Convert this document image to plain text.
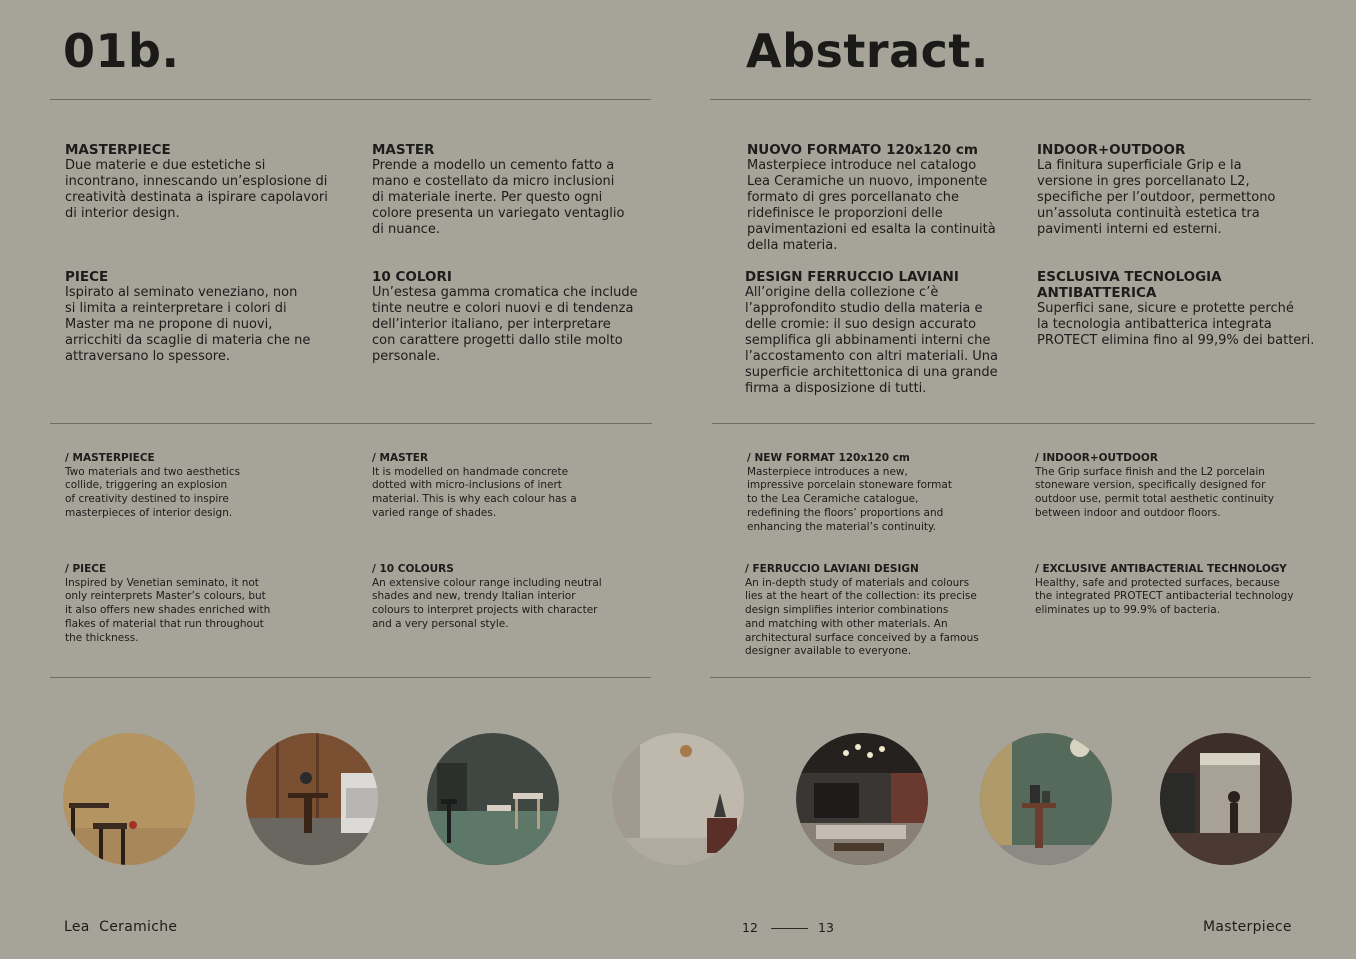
01b.	Abstract.
MASTERPIECE
Due materie e due estetiche si
incontrano, innescando un’esplosione di
creatività destinata a ispirare capolavori
di interior design.
MASTER
Prende a modello un cemento fatto a
mano e costellato da micro inclusioni
di materiale inerte. Per questo ogni
colore presenta un variegato ventaglio
di nuance.
PIECE
Ispirato al seminato veneziano, non
si limita a reinterpretare i colori di
Master ma ne propone di nuovi,
arricchiti da scaglie di materia che ne
attraversano lo spessore.
10 COLORI
Un’estesa gamma cromatica che include
tinte neutre e colori nuovi e di tendenza
dell’interior italiano, per interpretare
con carattere progetti dallo stile molto
personale.
NUOVO FORMATO 120x120 cm
Masterpiece introduce nel catalogo
Lea Ceramiche un nuovo, imponente
formato di gres porcellanato che
ridefinisce le proporzioni delle
pavimentazioni ed esalta la continuità
della materia.
INDOOR+OUTDOOR
La finitura superficiale Grip e la
versione in gres porcellanato L2,
specifiche per l’outdoor, permettono
un’assoluta continuità estetica tra
pavimenti interni ed esterni.
DESIGN FERRUCCIO LAVIANI
All’origine della collezione c’è
l’approfondito studio della materia e
delle cromie: il suo design accurato
semplifica gli abbinamenti interni che
l’accostamento con altri materiali. Una
superficie architettonica di una grande
firma a disposizione di tutti.
ESCLUSIVA TECNOLOGIA
ANTIBATTERICA
Superfici sane, sicure e protette perché
la tecnologia antibatterica integrata
PROTECT elimina fino al 99,9% dei batteri.
/ MASTERPIECE
Two materials and two aesthetics
collide, triggering an explosion
of creativity destined to inspire
masterpieces of interior design.
/ MASTER
It is modelled on handmade concrete
dotted with micro-inclusions of inert
material. This is why each colour has a
varied range of shades.
/ PIECE
Inspired by Venetian seminato, it not
only reinterprets Master’s colours, but
it also offers new shades enriched with
flakes of material that run throughout
the thickness.
/ 10 COLOURS
An extensive colour range including neutral
shades and new, trendy Italian interior
colours to interpret projects with character
and a very personal style.
/ NEW FORMAT 120x120 cm
Masterpiece introduces a new,
impressive porcelain stoneware format
to the Lea Ceramiche catalogue,
redefining the floors’ proportions and
enhancing the material’s continuity.
/ INDOOR+OUTDOOR
The Grip surface finish and the L2 porcelain
stoneware version, specifically designed for
outdoor use, permit total aesthetic continuity
between indoor and outdoor floors.
/ FERRUCCIO LAVIANI DESIGN
An in-depth study of materials and colours
lies at the heart of the collection: its precise
design simplifies interior combinations
and matching with other materials. An
architectural surface conceived by a famous
designer available to everyone.
/ EXCLUSIVE ANTIBACTERIAL TECHNOLOGY
Healthy, safe and protected surfaces, because
the integrated PROTECT antibacterial technology
eliminates up to 99.9% of bacteria.
Lea  Ceramiche	12	13	Masterpiece
